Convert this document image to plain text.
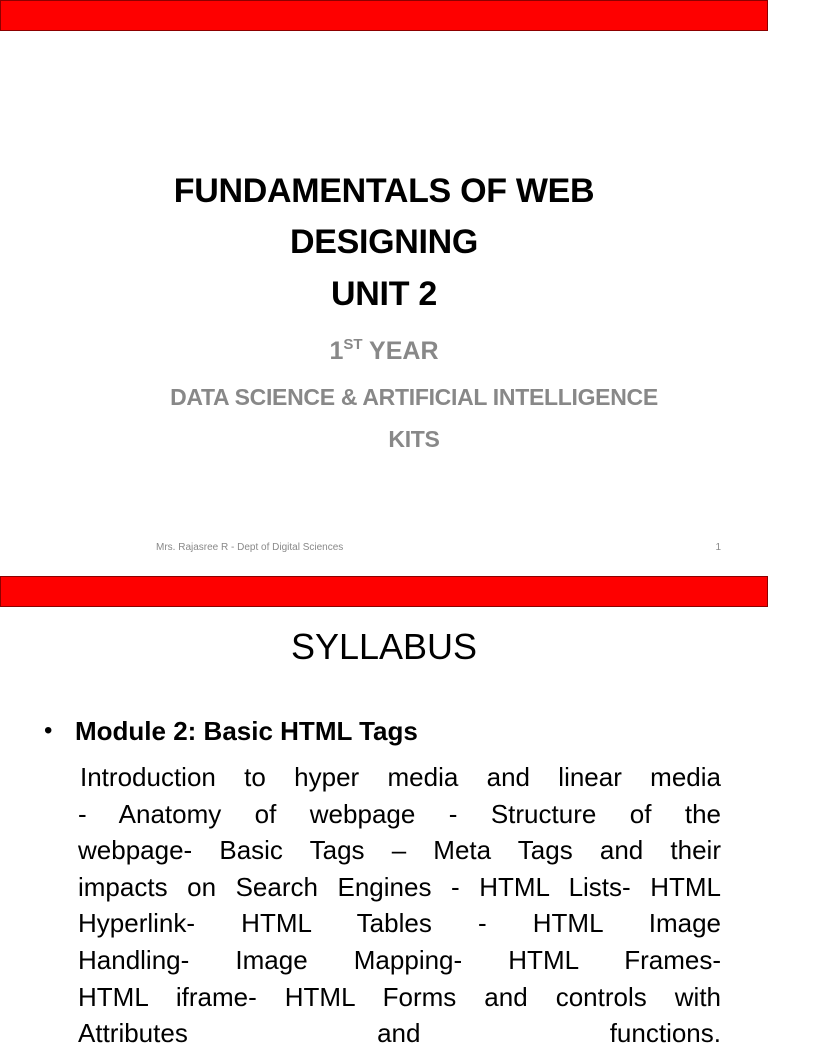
FUNDAMENTALS OF WEB
DESIGNING
UNIT 2
1ST YEAR
DATA SCIENCE & ARTIFICIAL INTELLIGENCE
KITS
Mrs. Rajasree R - Dept of Digital Sciences	1
SYLLABUS
• Module 2: Basic HTML Tags
Introduction to hyper media and linear media
- Anatomy of webpage - Structure of the
webpage- Basic Tags – Meta Tags and their
impacts on Search Engines - HTML Lists- HTML
Hyperlink- HTML Tables - HTML Image
Handling- Image Mapping- HTML Frames-
HTML iframe- HTML Forms and controls with
Attributes and functions.
